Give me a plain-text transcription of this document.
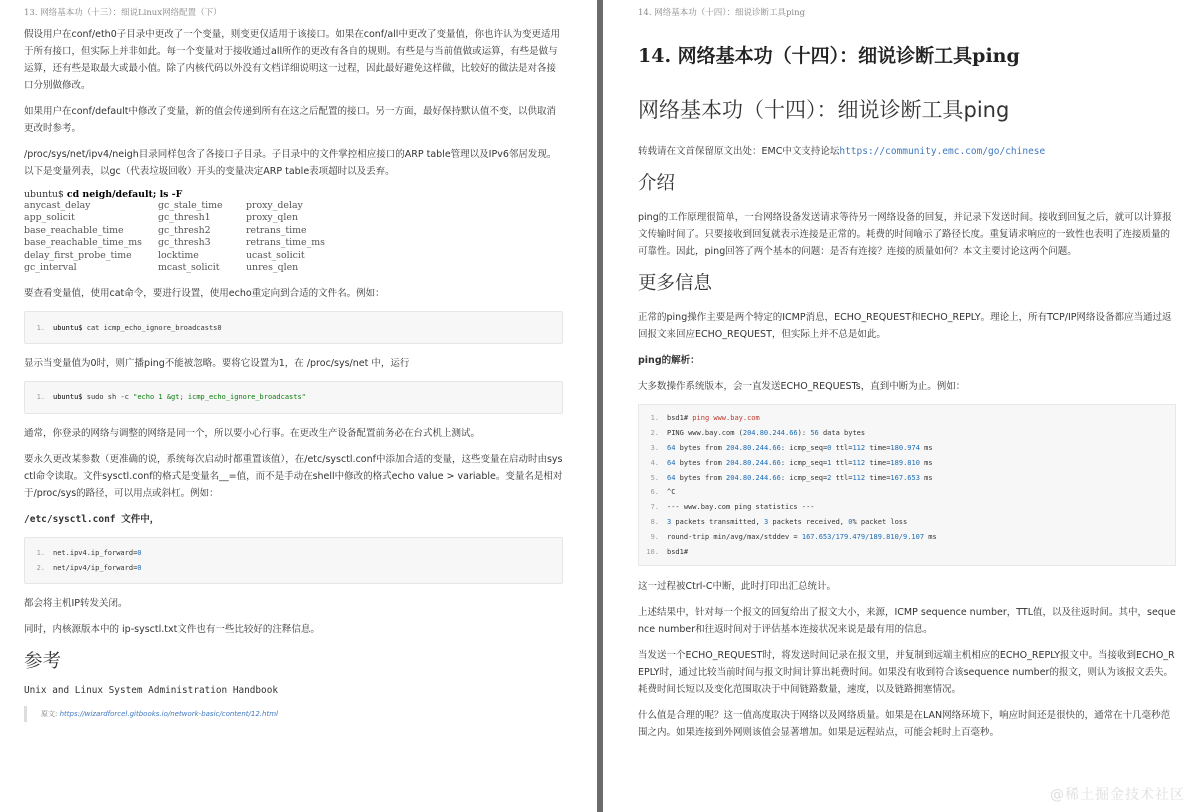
13. 网络基本功（十三）：细说Linux网络配置（下）

假设用户在conf/eth0子目录中更改了一个变量，则变更仅适用于该接口。如果在conf/all中更改了变量值，你也许认为变更适用于所有接口，但实际上并非如此。每一个变量对于接收通过all所作的更改有各自的规则。有些是与当前值做或运算，有些是做与运算，还有些是取最大或最小值。除了内核代码以外没有文档详细说明这一过程，因此最好避免这样做，比较好的做法是对各接口分别做修改。

如果用户在conf/default中修改了变量，新的值会传递到所有在这之后配置的接口。另一方面，最好保持默认值不变，以供取消更改时参考。

/proc/sys/net/ipv4/neigh目录同样包含了各接口子目录。子目录中的文件掌控相应接口的ARP table管理以及IPv6邻居发现。以下是变量列表，以gc（代表垃圾回收）开头的变量决定ARP table表项超时以及丢弃。

ubuntu$ cd neigh/default; ls -F
anycast_delay	gc_stale_time	proxy_delay
app_solicit	gc_thresh1	proxy_qlen
base_reachable_time	gc_thresh2	retrans_time
base_reachable_time_ms	gc_thresh3	retrans_time_ms
delay_first_probe_time	locktime	ucast_solicit
gc_interval	mcast_solicit	unres_qlen

要查看变量值，使用cat命令，要进行设置，使用echo重定向到合适的文件名。例如：

1.	ubuntu$
cat icmp_echo_ignore_broadcasts0

显示当变量值为0时，则广播ping不能被忽略。要将它设置为1，在 /proc/sys/net 中，运行

1.	ubuntu$
sudo sh -c
"echo 1 &gt; icmp_echo_ignore_broadcasts"

通常，你登录的网络与调整的网络是同一个，所以要小心行事。在更改生产设备配置前务必在台式机上测试。

要永久更改某参数（更准确的说，系统每次启动时都重置该值），在/etc/sysctl.conf中添加合适的变量，这些变量在启动时由sysctl命令读取。文件sysctl.conf的格式是变量名__=值，而不是手动在shell中修改的格式echo value > variable。变量名是相对于/proc/sys的路径，可以用点或斜杠。例如：

/etc/sysctl.conf 文件中，

1.	net.ipv4.ip_forward = 0
2.	net/ipv4/ip_forward = 0

都会将主机IP转发关闭。

同时，内核源版本中的 ip-sysctl.txt文件也有一些比较好的注释信息。

参考
Unix and Linux System Administration Handbook
原文: https://wizardforcel.gitbooks.io/network-basic/content/12.html
14. 网络基本功（十四）：细说诊断工具ping
14. 网络基本功（十四）：细说诊断工具ping
网络基本功（十四）：细说诊断工具ping

转载请在文首保留原文出处：EMC中文支持论坛https://community.emc.com/go/chinese

介绍

ping的工作原理很简单，一台网络设备发送请求等待另一网络设备的回复，并记录下发送时间。接收到回复之后，就可以计算报文传输时间了。只要接收到回复就表示连接是正常的。耗费的时间喻示了路径长度。重复请求响应的一致性也表明了连接质量的可靠性。因此，ping回答了两个基本的问题：是否有连接？连接的质量如何？本文主要讨论这两个问题。

更多信息

正常的ping操作主要是两个特定的ICMP消息，ECHO_REQUEST和ECHO_REPLY。理论上，所有TCP/IP网络设备都应当通过返回报文来回应ECHO_REQUEST，但实际上并不总是如此。

ping的解析：

大多数操作系统版本，会一直发送ECHO_REQUESTs，直到中断为止。例如：

1.	bsd1# ping www.bay.com
2.	PING www.bay.com (204.80.244.66): 56 data bytes
3.	64 bytes from 204.80.244.66: icmp_seq=0 ttl=112 time=180.974 ms
4.	64 bytes from 204.80.244.66: icmp_seq=1 ttl=112 time=189.810 ms
5.	64 bytes from 204.80.244.66: icmp_seq=2 ttl=112 time=167.653 ms
6.	^C
7.	--- www.bay.com ping statistics ---
8.	3 packets transmitted, 3 packets received, 0% packet loss
9.	round-trip min/avg/max/stddev = 167.653/179.479/189.810/9.107 ms
10.	bsd1#

这一过程被Ctrl-C中断，此时打印出汇总统计。

上述结果中，针对每一个报文的回复给出了报文大小，来源，ICMP sequence number，TTL值，以及往返时间。其中，sequence number和往返时间对于评估基本连接状况来说是最有用的信息。

当发送一个ECHO_REQUEST时，将发送时间记录在报文里，并复制到远端主机相应的ECHO_REPLY报文中。当接收到ECHO_REPLY时，通过比较当前时间与报文时间计算出耗费时间。如果没有收到符合该sequence number的报文，则认为该报文丢失。耗费时间长短以及变化范围取决于中间链路数量，速度，以及链路拥塞情况。

什么值是合理的呢？这一值高度取决于网络以及网络质量。如果是在LAN网络环境下，响应时间还是很快的，通常在十几毫秒范围之内。如果连接到外网则该值会显著增加。如果是远程站点，可能会耗时上百毫秒。

@稀土掘金技术社区
